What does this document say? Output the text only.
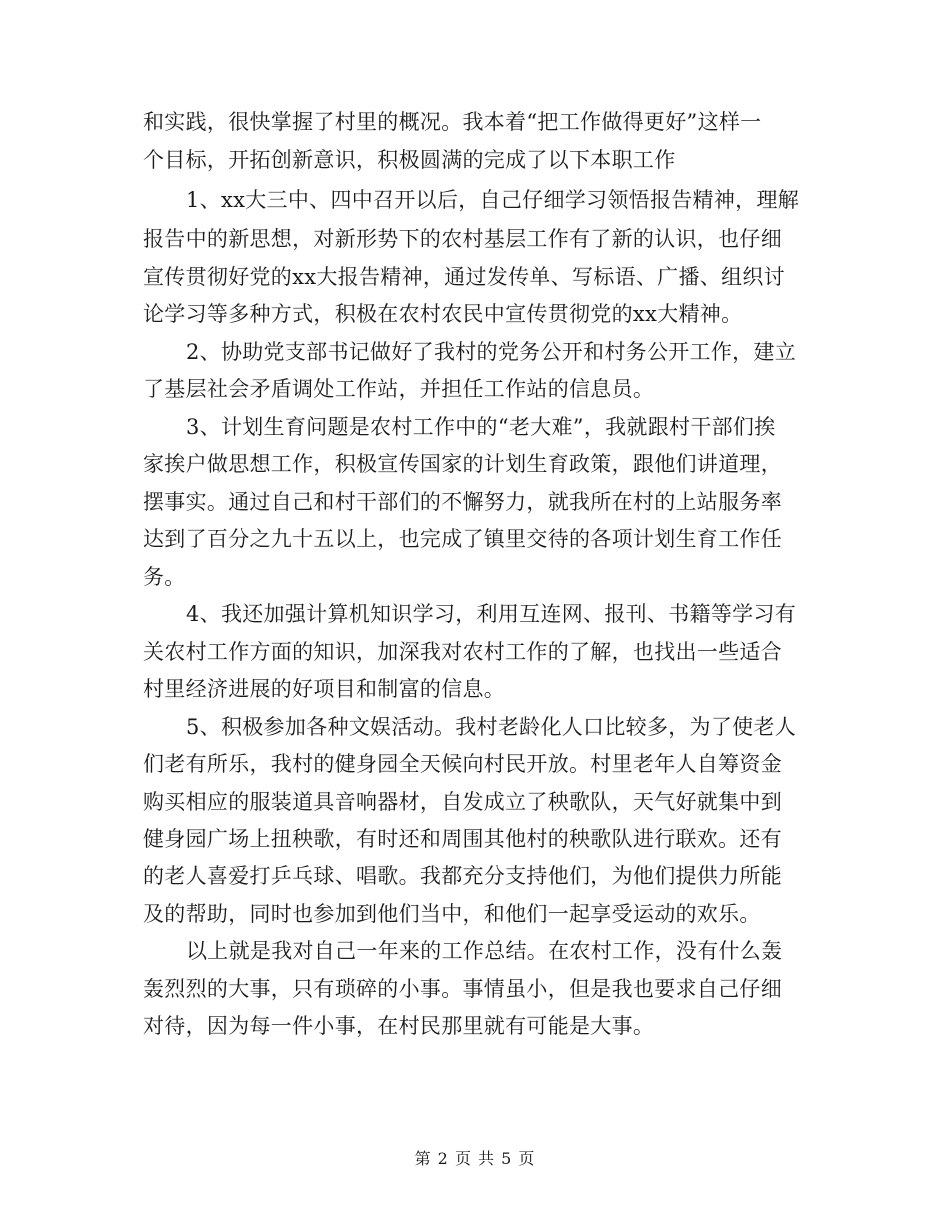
和实践，很快掌握了村里的概况。我本着“把工作做得更好”这样一
个目标，开拓创新意识，积极圆满的完成了以下本职工作
1、xx大三中、四中召开以后，自己仔细学习领悟报告精神，理解
报告中的新思想，对新形势下的农村基层工作有了新的认识，也仔细
宣传贯彻好党的xx大报告精神，通过发传单、写标语、广播、组织讨
论学习等多种方式，积极在农村农民中宣传贯彻党的xx大精神。
2、协助党支部书记做好了我村的党务公开和村务公开工作，建立
了基层社会矛盾调处工作站，并担任工作站的信息员。
3、计划生育问题是农村工作中的“老大难”，我就跟村干部们挨
家挨户做思想工作，积极宣传国家的计划生育政策，跟他们讲道理，
摆事实。通过自己和村干部们的不懈努力，就我所在村的上站服务率
达到了百分之九十五以上，也完成了镇里交待的各项计划生育工作任
务。
4、我还加强计算机知识学习，利用互连网、报刊、书籍等学习有
关农村工作方面的知识，加深我对农村工作的了解，也找出一些适合
村里经济进展的好项目和制富的信息。
5、积极参加各种文娱活动。我村老龄化人口比较多，为了使老人
们老有所乐，我村的健身园全天候向村民开放。村里老年人自筹资金
购买相应的服装道具音响器材，自发成立了秧歌队，天气好就集中到
健身园广场上扭秧歌，有时还和周围其他村的秧歌队进行联欢。还有
的老人喜爱打乒乓球、唱歌。我都充分支持他们，为他们提供力所能
及的帮助，同时也参加到他们当中，和他们一起享受运动的欢乐。
以上就是我对自己一年来的工作总结。在农村工作，没有什么轰
轰烈烈的大事，只有琐碎的小事。事情虽小，但是我也要求自己仔细
对待，因为每一件小事，在村民那里就有可能是大事。
第 2 页 共 5 页
